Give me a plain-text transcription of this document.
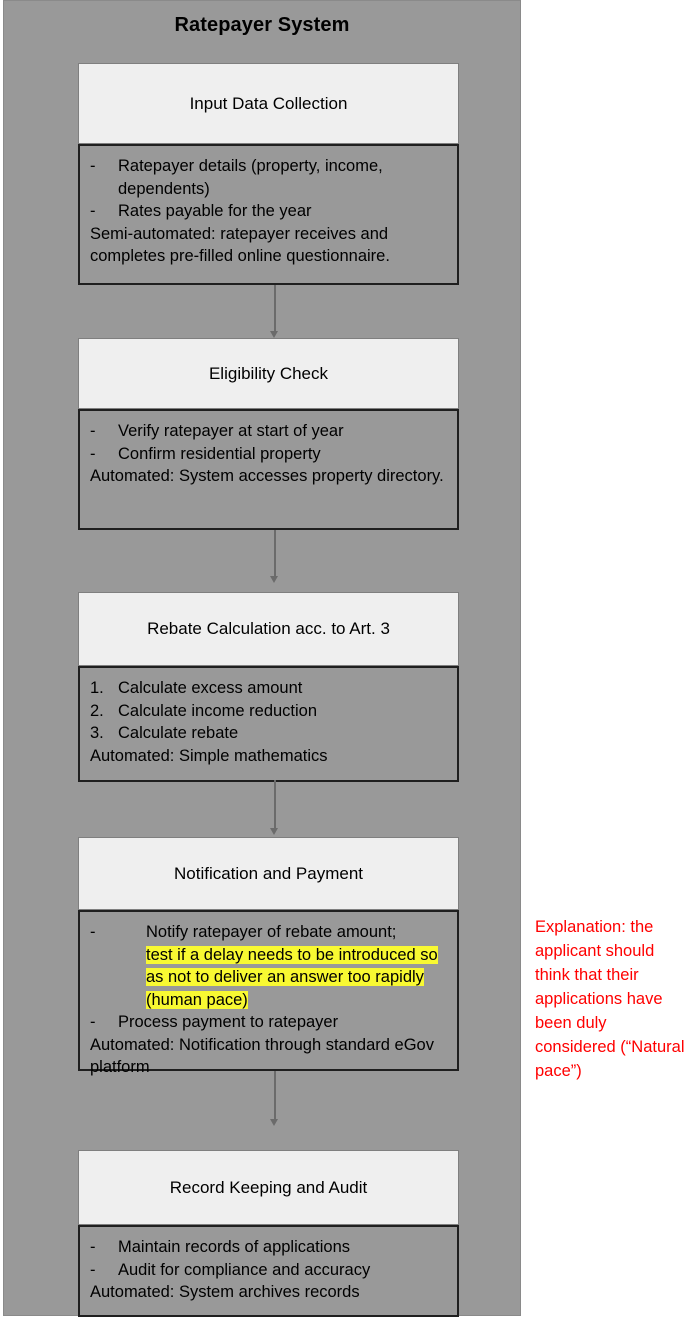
Ratepayer System
Input Data Collection
- Ratepayer details (property, income, dependents)
- Rates payable for the year
Semi-automated: ratepayer receives and completes pre-filled online questionnaire.
Eligibility Check
- Verify ratepayer at start of year
- Confirm residential property
Automated: System accesses property directory.
Rebate Calculation acc. to Art. 3
1. Calculate excess amount
2. Calculate income reduction
3. Calculate rebate
Automated: Simple mathematics
Notification and Payment
-	Notify ratepayer of rebate amount;
test if a delay needs to be introduced so as not to deliver an answer too rapidly (human pace)
- Process payment to ratepayer
Automated: Notification through standard eGov platform
Record Keeping and Audit
- Maintain records of applications
- Audit for compliance and accuracy
Automated: System archives records
Explanation: the applicant should think that their applications have been duly considered (“Natural pace”)
